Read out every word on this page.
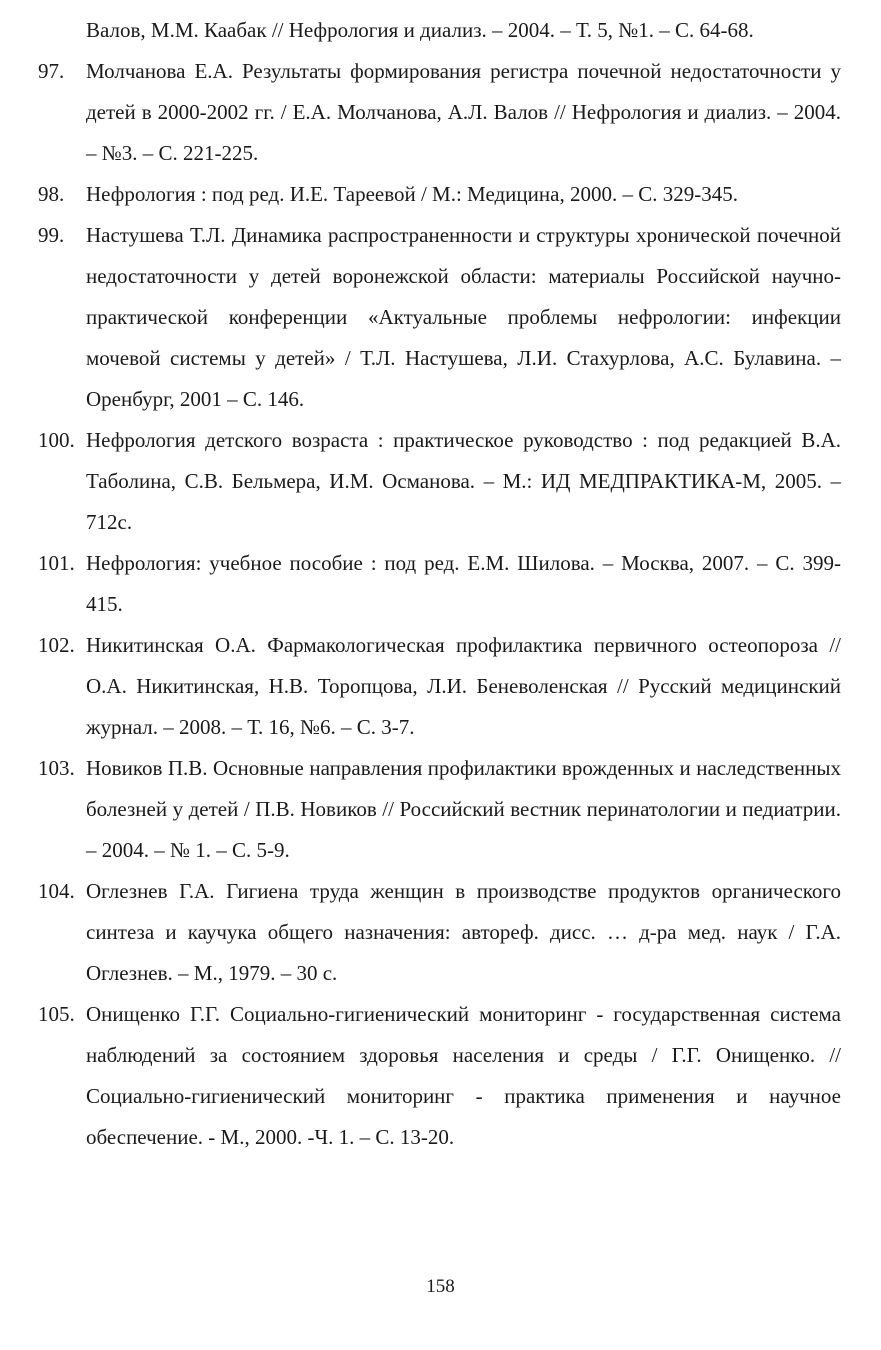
Валов, М.М. Каабак // Нефрология и диализ. – 2004. – Т. 5, №1. – С. 64-68.
97.	Молчанова Е.А. Результаты формирования регистра почечной недостаточности у детей в 2000-2002 гг. / Е.А. Молчанова, А.Л. Валов // Нефрология и диализ. – 2004. – №3. – С. 221-225.
98.	Нефрология : под ред. И.Е. Тареевой / М.: Медицина, 2000. – С. 329-345.
99.	Настушева Т.Л. Динамика распространенности и структуры хронической почечной недостаточности у детей воронежской области: материалы Российской научно-практической конференции «Актуальные проблемы нефрологии: инфекции мочевой системы у детей» / Т.Л. Настушева, Л.И. Стахурлова, А.С. Булавина. – Оренбург, 2001 – С. 146.
100. Нефрология детского возраста : практическое руководство : под редакцией В.А. Таболина, С.В. Бельмера, И.М. Османова. – М.: ИД МЕДПРАКТИКА-М, 2005. – 712с.
101. Нефрология: учебное пособие : под ред. Е.М. Шилова. – Москва, 2007. – С. 399-415.
102. Никитинская О.А. Фармакологическая профилактика первичного остеопороза // О.А. Никитинская, Н.В. Торопцова, Л.И. Беневоленская // Русский медицинский журнал. – 2008. – Т. 16, №6. – С. 3-7.
103. Новиков П.В. Основные направления профилактики врожденных и наследственных болезней у детей / П.В. Новиков // Российский вестник перинатологии и педиатрии. – 2004. – № 1. – С. 5-9.
104. Оглезнев Г.А. Гигиена труда женщин в производстве продуктов органического синтеза и каучука общего назначения: автореф. дисс. … д-ра мед. наук / Г.А. Оглезнев. – М., 1979. – 30 с.
105. Онищенко Г.Г. Социально-гигиенический мониторинг - государственная система наблюдений за состоянием здоровья населения и среды / Г.Г. Онищенко. // Социально-гигиенический мониторинг - практика применения и научное обеспечение. - М., 2000. -Ч. 1. – С. 13-20.
158
